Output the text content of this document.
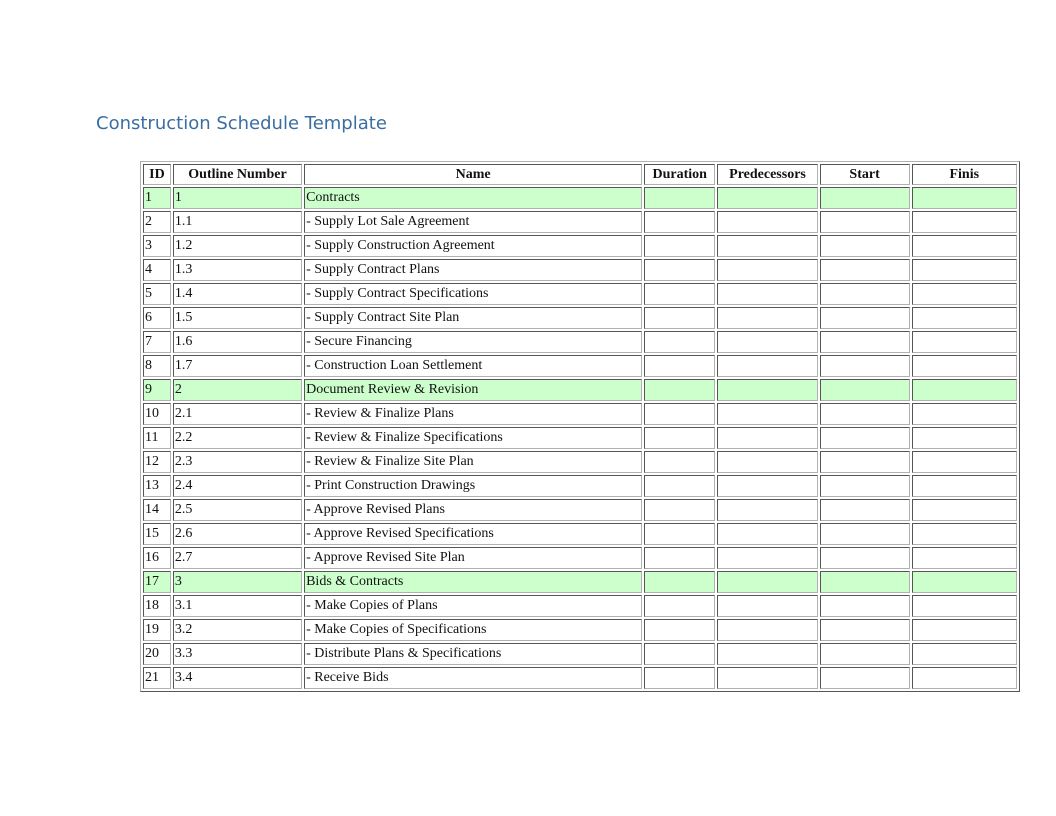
Construction Schedule Template
ID	Outline Number	Name	Duration	Predecessors	Start	Finis
1	1	Contracts				
2	1.1	- Supply Lot Sale Agreement				
3	1.2	- Supply Construction Agreement				
4	1.3	- Supply Contract Plans				
5	1.4	- Supply Contract Specifications				
6	1.5	- Supply Contract Site Plan				
7	1.6	- Secure Financing				
8	1.7	- Construction Loan Settlement				
9	2	Document Review & Revision				
10	2.1	- Review & Finalize Plans				
11	2.2	- Review & Finalize Specifications				
12	2.3	- Review & Finalize Site Plan				
13	2.4	- Print Construction Drawings				
14	2.5	- Approve Revised Plans				
15	2.6	- Approve Revised Specifications				
16	2.7	- Approve Revised Site Plan				
17	3	Bids & Contracts				
18	3.1	- Make Copies of Plans				
19	3.2	- Make Copies of Specifications				
20	3.3	- Distribute Plans & Specifications				
21	3.4	- Receive Bids				
